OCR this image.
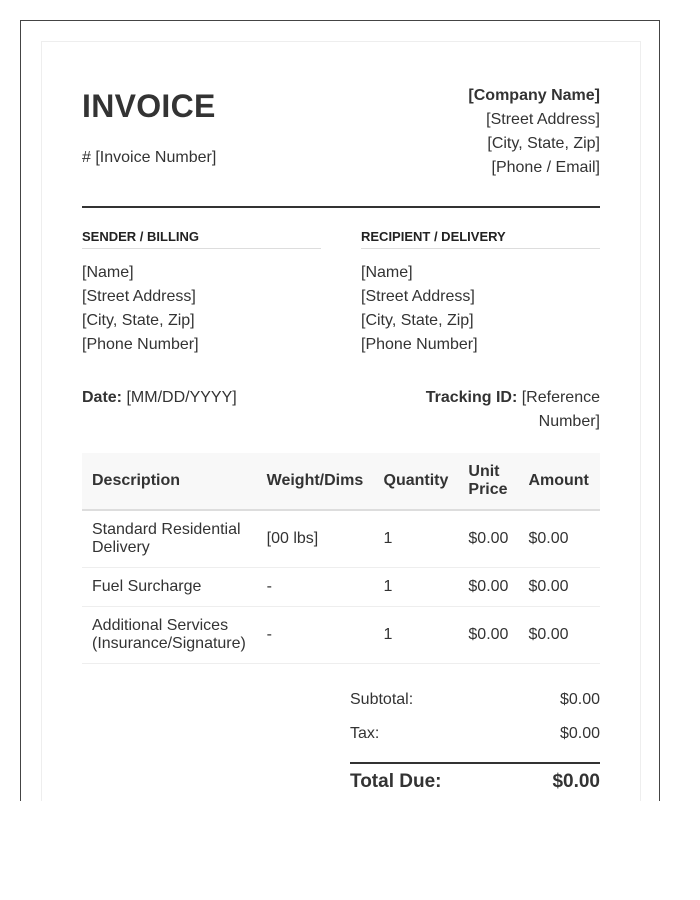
INVOICE
# [Invoice Number]
[Company Name]
[Street Address]
[City, State, Zip]
[Phone / Email]
SENDER / BILLING
[Name]
[Street Address]
[City, State, Zip]
[Phone Number]
RECIPIENT / DELIVERY
[Name]
[Street Address]
[City, State, Zip]
[Phone Number]
Date: [MM/DD/YYYY]	Tracking ID: [Reference Number]
Description	Weight/Dims	Quantity	Unit Price	Amount
Standard Residential Delivery	[00 lbs]	1	$0.00	$0.00
Fuel Surcharge	-	1	$0.00	$0.00
Additional Services (Insurance/Signature)	-	1	$0.00	$0.00
Subtotal:	$0.00
Tax:	$0.00
Total Due:	$0.00
